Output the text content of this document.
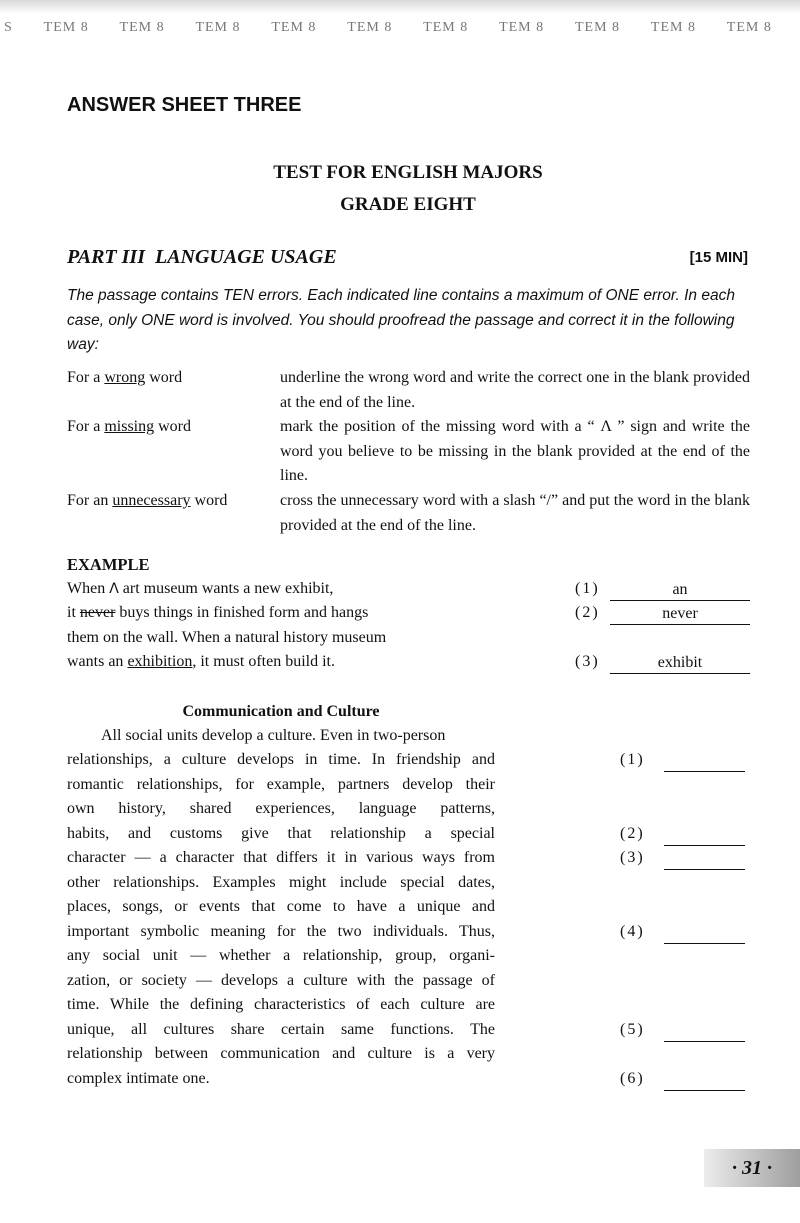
S TEM 8 TEM 8 TEM 8 TEM 8 TEM 8 TEM 8 TEM 8 TEM 8 TEM 8 TEM 8
ANSWER SHEET THREE
TEST FOR ENGLISH MAJORS
GRADE EIGHT
PART III  LANGUAGE USAGE	[15 MIN]

The passage contains TEN errors. Each indicated line contains a maximum of ONE error. In each case, only ONE word is involved. You should proofread the passage and correct it in the following way:

For a wrong word	underline the wrong word and write the correct one in the blank provided at the end of the line.
For a missing word	mark the position of the missing word with a “ Λ ” sign and write the word you believe to be missing in the blank provided at the end of the line.
For an unnecessary word	cross the unnecessary word with a slash “/” and put the word in the blank provided at the end of the line.
EXAMPLE
When Λ art museum wants a new exhibit,
it never buys things in finished form and hangs
them on the wall. When a natural history museum
wants an exhibition, it must often build it.
(1)	an
(2)	never
(3)	exhibit
Communication and Culture
All social units develop a culture. Even in two-person
relationships, a culture develops in time. In friendship and
romantic relationships, for example, partners develop their
own history, shared experiences, language patterns,
habits, and customs give that relationship a special
character — a character that differs it in various ways from
other relationships. Examples might include special dates,
places, songs, or events that come to have a unique and
important symbolic meaning for the two individuals. Thus,
any social unit — whether a relationship, group, organi-
zation, or society — develops a culture with the passage of
time. While the defining characteristics of each culture are
unique, all cultures share certain same functions. The
relationship between communication and culture is a very
complex intimate one.
(1)
(2)
(3)
(4)
(5)
(6)
· 31 ·
